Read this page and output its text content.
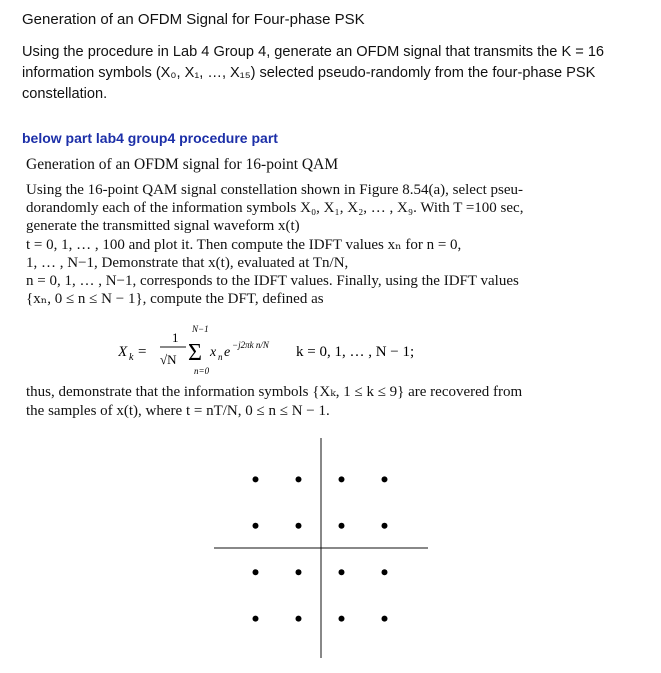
Generation of an OFDM Signal for Four-phase PSK
Using the procedure in Lab 4 Group 4, generate an OFDM signal that transmits the K = 16
information symbols (X₀, X₁, …, X₁₅) selected pseudo-randomly from the four-phase PSK
constellation.
below part lab4 group4 procedure part
Generation of an OFDM signal for 16-point QAM
Using the 16-point QAM signal constellation shown in Figure 8.54(a), select pseu-
dorandomly each of the information symbols X₀, X₁, X₂, … , X₉. With T =100 sec,
generate the transmitted signal waveform x(t)
t = 0, 1, … , 100 and plot it. Then compute the IDFT values xₙ for n = 0,
1, … , N−1, Demonstrate that x(t), evaluated at Tn/N,
n = 0, 1, … , N−1, corresponds to the IDFT values. Finally, using the IDFT values
{xₙ, 0 ≤ n ≤ N − 1}, compute the DFT, defined as
X k =
1
√N
N−1
Σ
n=0
x n e −j2πk n/N k = 0, 1, … , N − 1;
thus, demonstrate that the information symbols {Xₖ, 1 ≤ k ≤ 9} are recovered from
the samples of x(t), where t = nT/N, 0 ≤ n ≤ N − 1.
